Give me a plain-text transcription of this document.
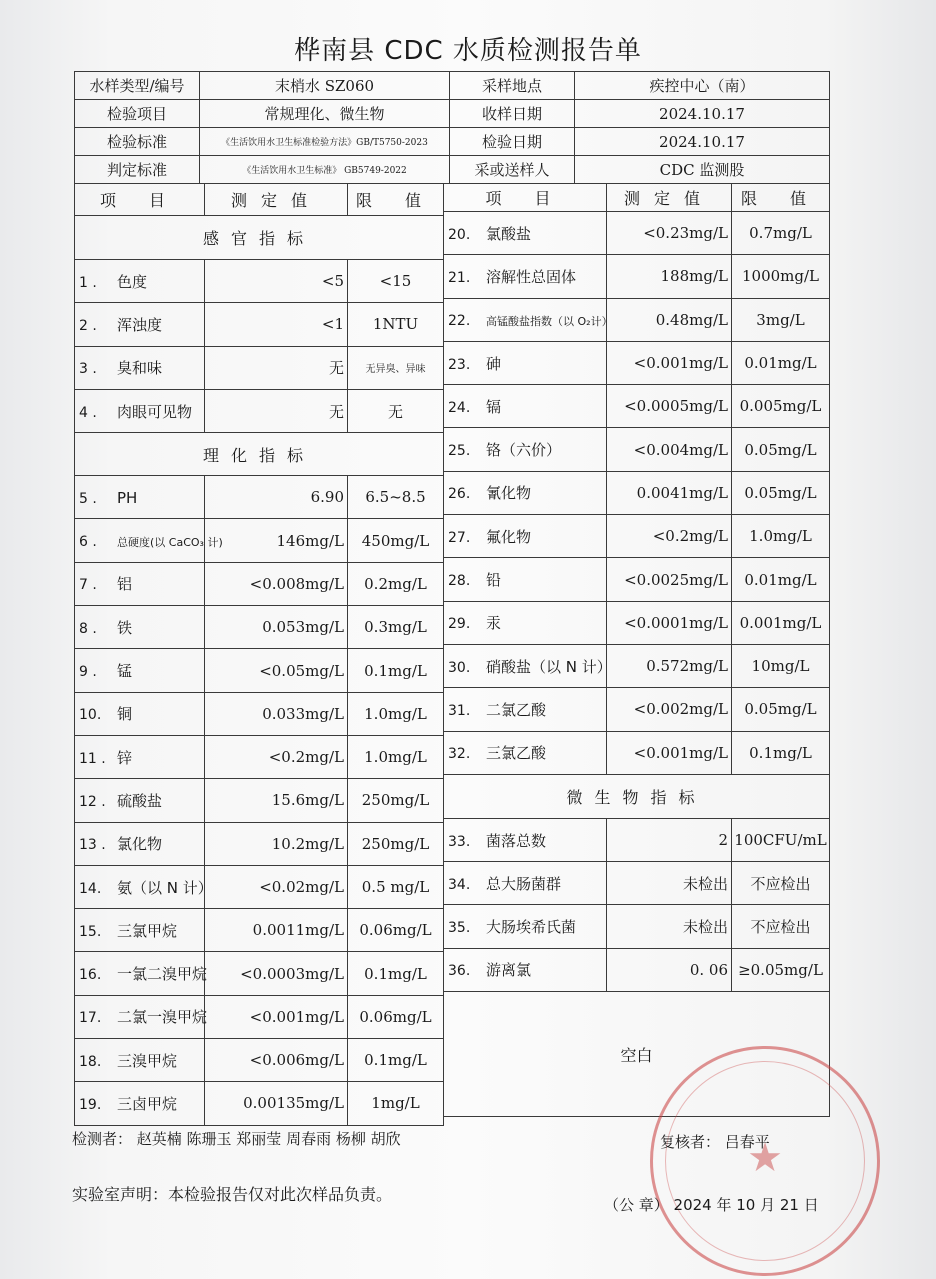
桦南县 CDC 水质检测报告单
水样类型/编号	末梢水 SZ060	采样地点	疾控中心（南）
检验项目	常规理化、微生物	收样日期	2024.10.17
检验标准	《生活饮用水卫生标准检验方法》GB/T5750-2023	检验日期	2024.10.17
判定标准	《生活饮用水卫生标准》 GB5749-2022	采或送样人	CDC 监测股
项 目	测定值	限 值
感官指标		
1 . 色度	<5	<15
2 . 浑浊度	<1	1NTU
3 . 臭和味	无	无异臭、异味
4 . 肉眼可见物	无	无
理化指标		
5 . PH	6.90	6.5~8.5
6 . 总硬度(以 CaCO₃ 计)	146mg/L	450mg/L
7 . 铝	<0.008mg/L	0.2mg/L
8 . 铁	0.053mg/L	0.3mg/L
9 . 锰	<0.05mg/L	0.1mg/L
10. 铜	0.033mg/L	1.0mg/L
11 . 锌	<0.2mg/L	1.0mg/L
12 . 硫酸盐	15.6mg/L	250mg/L
13 . 氯化物	10.2mg/L	250mg/L
14. 氨（以 N 计）	<0.02mg/L	0.5 mg/L
15. 三氯甲烷	0.0011mg/L	0.06mg/L
16. 一氯二溴甲烷	<0.0003mg/L	0.1mg/L
17. 二氯一溴甲烷	<0.001mg/L	0.06mg/L
18. 三溴甲烷	<0.006mg/L	0.1mg/L
19. 三卤甲烷	0.00135mg/L	1mg/L
项 目	测定值	限 值
20. 氯酸盐	<0.23mg/L	0.7mg/L
21. 溶解性总固体	188mg/L	1000mg/L
22. 高锰酸盐指数（以 O₂计）	0.48mg/L	3mg/L
23. 砷	<0.001mg/L	0.01mg/L
24. 镉	<0.0005mg/L	0.005mg/L
25. 铬（六价）	<0.004mg/L	0.05mg/L
26. 氰化物	0.0041mg/L	0.05mg/L
27. 氟化物	<0.2mg/L	1.0mg/L
28. 铅	<0.0025mg/L	0.01mg/L
29. 汞	<0.0001mg/L	0.001mg/L
30. 硝酸盐（以 N 计）	0.572mg/L	10mg/L
31. 二氯乙酸	<0.002mg/L	0.05mg/L
32. 三氯乙酸	<0.001mg/L	0.1mg/L
微生物指标		
33. 菌落总数	2	100CFU/mL
34. 总大肠菌群	未检出	不应检出
35. 大肠埃希氏菌	未检出	不应检出
36. 游离氯	0. 06	≥0.05mg/L
空白		
★
检测者： 赵英楠 陈珊玉 郑丽莹 周春雨 杨柳 胡欣	复核者： 吕春平
实验室声明：本检验报告仅对此次样品负责。
（公 章） 2024 年 10 月 21 日
